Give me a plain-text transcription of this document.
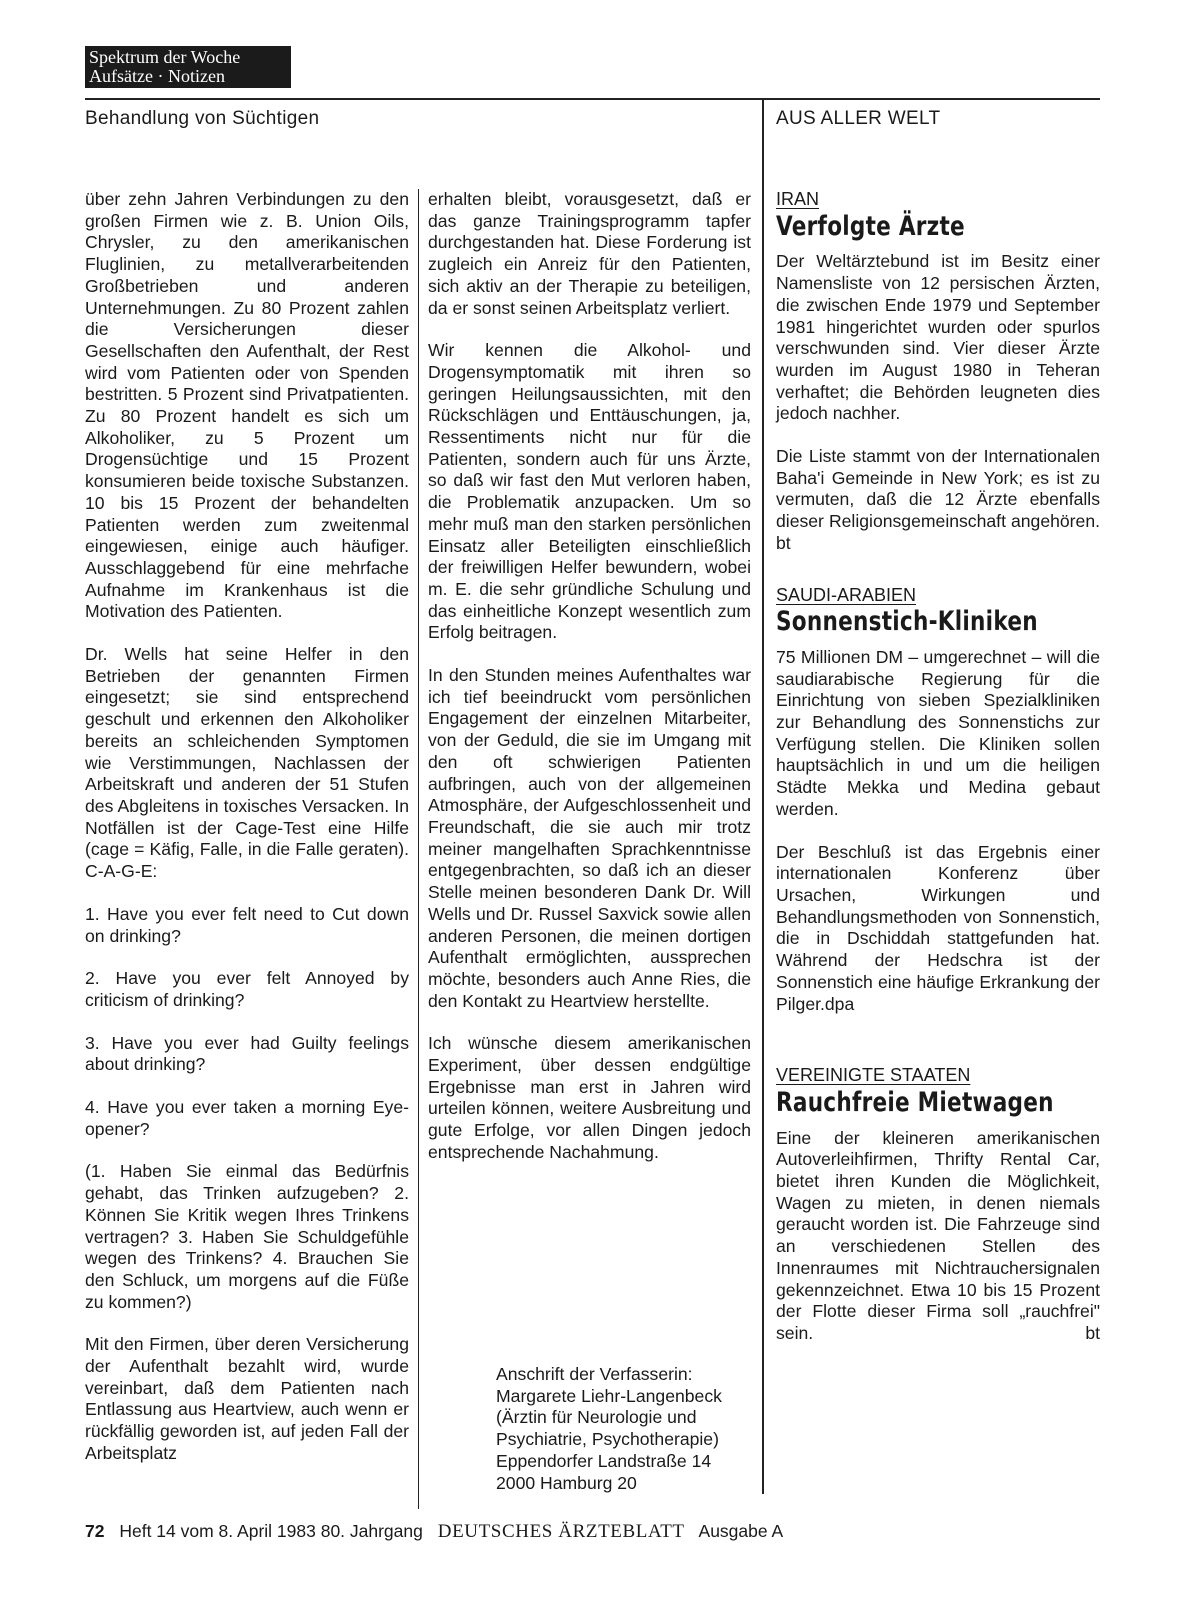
Spektrum der Woche
Aufsätze · Notizen
Behandlung von Süchtigen	AUS ALLER WELT

über zehn Jahren Verbindungen zu den großen Firmen wie z. B. Union Oils, Chrysler, zu den amerikanischen Fluglinien, zu metallverarbeitenden Großbetrieben und anderen Unternehmungen. Zu 80 Prozent zahlen die Versicherungen dieser Gesellschaften den Aufenthalt, der Rest wird vom Patienten oder von Spenden bestritten. 5 Prozent sind Privatpatienten. Zu 80 Prozent handelt es sich um Alkoholiker, zu 5 Prozent um Drogensüchtige und 15 Prozent konsumieren beide toxische Substanzen. 10 bis 15 Prozent der behandelten Patienten werden zum zweitenmal eingewiesen, einige auch häufiger. Ausschlaggebend für eine mehrfache Aufnahme im Krankenhaus ist die Motivation des Patienten.

Dr. Wells hat seine Helfer in den Betrieben der genannten Firmen eingesetzt; sie sind entsprechend geschult und erkennen den Alkoholiker bereits an schleichenden Symptomen wie Verstimmungen, Nachlassen der Arbeitskraft und anderen der 51 Stufen des Abgleitens in toxisches Versacken. In Notfällen ist der Cage-Test eine Hilfe (cage = Käfig, Falle, in die Falle geraten). C-A-G-E:

1. Have you ever felt need to Cut down on drinking?

2. Have you ever felt Annoyed by criticism of drinking?

3. Have you ever had Guilty feelings about drinking?

4. Have you ever taken a morning Eye-opener?

(1. Haben Sie einmal das Bedürfnis gehabt, das Trinken aufzugeben? 2. Können Sie Kritik wegen Ihres Trinkens vertragen? 3. Haben Sie Schuldgefühle wegen des Trinkens? 4. Brauchen Sie den Schluck, um morgens auf die Füße zu kommen?)

Mit den Firmen, über deren Versicherung der Aufenthalt bezahlt wird, wurde vereinbart, daß dem Patienten nach Entlassung aus Heartview, auch wenn er rückfällig geworden ist, auf jeden Fall der Arbeitsplatz

erhalten bleibt, vorausgesetzt, daß er das ganze Trainingsprogramm tapfer durchgestanden hat. Diese Forderung ist zugleich ein Anreiz für den Patienten, sich aktiv an der Therapie zu beteiligen, da er sonst seinen Arbeitsplatz verliert.

Wir kennen die Alkohol- und Drogensymptomatik mit ihren so geringen Heilungsaussichten, mit den Rückschlägen und Enttäuschungen, ja, Ressentiments nicht nur für die Patienten, sondern auch für uns Ärzte, so daß wir fast den Mut verloren haben, die Problematik anzupacken. Um so mehr muß man den starken persönlichen Einsatz aller Beteiligten einschließlich der freiwilligen Helfer bewundern, wobei m. E. die sehr gründliche Schulung und das einheitliche Konzept wesentlich zum Erfolg beitragen.

In den Stunden meines Aufenthaltes war ich tief beeindruckt vom persönlichen Engagement der einzelnen Mitarbeiter, von der Geduld, die sie im Umgang mit den oft schwierigen Patienten aufbringen, auch von der allgemeinen Atmosphäre, der Aufgeschlossenheit und Freundschaft, die sie auch mir trotz meiner mangelhaften Sprachkenntnisse entgegenbrachten, so daß ich an dieser Stelle meinen besonderen Dank Dr. Will Wells und Dr. Russel Saxvick sowie allen anderen Personen, die meinen dortigen Aufenthalt ermöglichten, aussprechen möchte, besonders auch Anne Ries, die den Kontakt zu Heartview herstellte.

Ich wünsche diesem amerikanischen Experiment, über dessen endgültige Ergebnisse man erst in Jahren wird urteilen können, weitere Ausbreitung und gute Erfolge, vor allen Dingen jedoch entsprechende Nachahmung.

Anschrift der Verfasserin:
Margarete Liehr-Langenbeck
(Ärztin für Neurologie und
Psychiatrie, Psychotherapie)
Eppendorfer Landstraße 14
2000 Hamburg 20
IRAN
Verfolgte Ärzte

Der Weltärztebund ist im Besitz einer Namensliste von 12 persischen Ärzten, die zwischen Ende 1979 und September 1981 hingerichtet wurden oder spurlos verschwunden sind. Vier dieser Ärzte wurden im August 1980 in Teheran verhaftet; die Behörden leugneten dies jedoch nachher.

Die Liste stammt von der Internationalen Baha'i Gemeinde in New York; es ist zu vermuten, daß die 12 Ärzte ebenfalls dieser Religionsgemeinschaft angehören. bt

SAUDI-ARABIEN
Sonnenstich-Kliniken

75 Millionen DM – umgerechnet – will die saudiarabische Regierung für die Einrichtung von sieben Spezialkliniken zur Behandlung des Sonnenstichs zur Verfügung stellen. Die Kliniken sollen hauptsächlich in und um die heiligen Städte Mekka und Medina gebaut werden.

Der Beschluß ist das Ergebnis einer internationalen Konferenz über Ursachen, Wirkungen und Behandlungsmethoden von Sonnenstich, die in Dschiddah stattgefunden hat. Während der Hedschra ist der Sonnenstich eine häufige Erkrankung der Pilger.dpa

VEREINIGTE STAATEN
Rauchfreie Mietwagen

Eine der kleineren amerikanischen Autoverleihfirmen, Thrifty Rental Car, bietet ihren Kunden die Möglichkeit, Wagen zu mieten, in denen niemals geraucht worden ist. Die Fahrzeuge sind an verschiedenen Stellen des Innenraumes mit Nichtrauchersignalen gekennzeichnet. Etwa 10 bis 15 Prozent der Flotte dieser Firma soll „rauchfrei" sein.	bt

72 Heft 14 vom 8. April 1983 80. Jahrgang DEUTSCHES ÄRZTEBLATT Ausgabe A
